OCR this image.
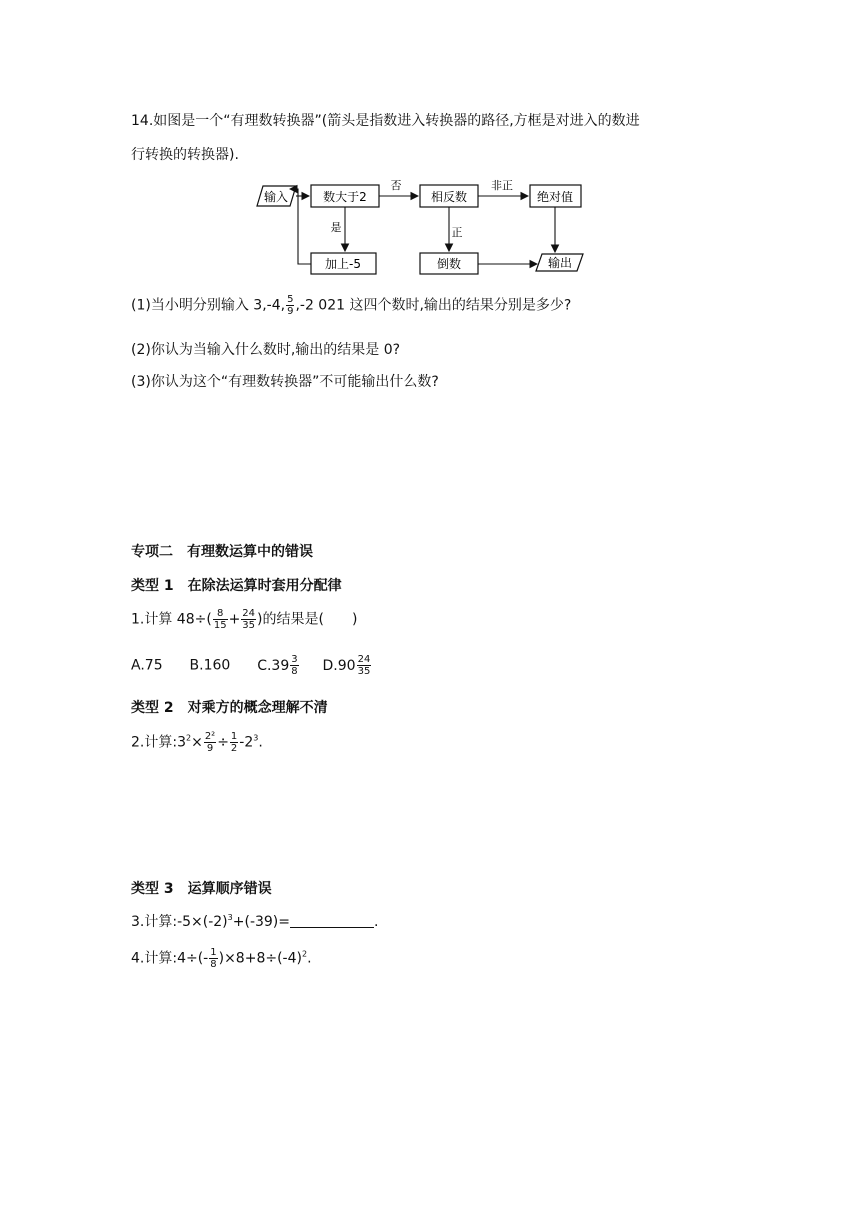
14.如图是一个“有理数转换器”(箭头是指数进入转换器的路径,方框是对进入的数进
行转换的转换器).
输入	数大于2	相反数	绝对值
加上-5	倒数	输出
否	非正
是	正
(1)当小明分别输入 3,-4, $\frac{5}{9} ,-2$ 021 这四个数时,输出的结果分别是多少?
(2)你认为当输入什么数时,输出的结果是 0?
(3)你认为这个“有理数转换器”不可能输出什么数?
专项二　有理数运算中的错误
类型 1　在除法运算时套用分配律
1.计算 $48\div( \frac{8}{15} + \frac{24}{35}$ )的结果是(　　)
A.75 B.160 $C.39 \frac{3}{8} D.90 \frac{24}{35}$
类型 2　对乘方的概念理解不清
2.计算$:3^2\times \frac{\text{2²}}{9} \div \frac{1}{2} -2^3$.
类型 3　运算顺序错误
3.计算$:-5\times(-2)^3+(-39)=$	.
4.计算:4÷(- $\frac{1}{8} )\times 8+8\div(-4)^2$.
